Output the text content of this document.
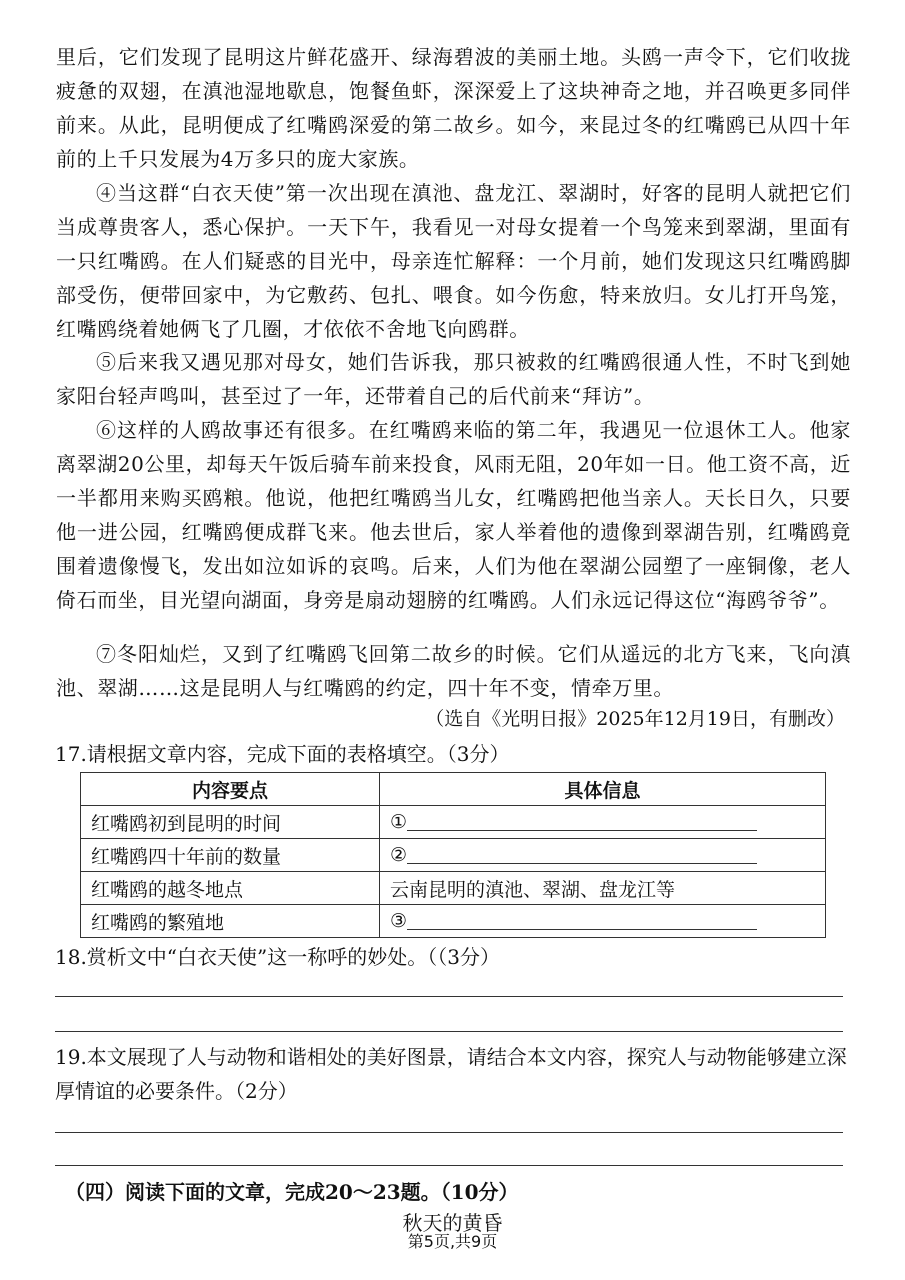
里后，它们发现了昆明这片鲜花盛开、绿海碧波的美丽土地。头鸥一声令下，它们收拢疲惫的双翅，在滇池湿地歇息，饱餐鱼虾，深深爱上了这块神奇之地，并召唤更多同伴前来。从此，昆明便成了红嘴鸥深爱的第二故乡。如今，来昆过冬的红嘴鸥已从四十年前的上千只发展为4万多只的庞大家族。
④当这群“白衣天使”第一次出现在滇池、盘龙江、翠湖时，好客的昆明人就把它们当成尊贵客人，悉心保护。一天下午，我看见一对母女提着一个鸟笼来到翠湖，里面有一只红嘴鸥。在人们疑惑的目光中，母亲连忙解释：一个月前，她们发现这只红嘴鸥脚部受伤，便带回家中，为它敷药、包扎、喂食。如今伤愈，特来放归。女儿打开鸟笼，红嘴鸥绕着她俩飞了几圈，才依依不舍地飞向鸥群。
⑤后来我又遇见那对母女，她们告诉我，那只被救的红嘴鸥很通人性，不时飞到她家阳台轻声鸣叫，甚至过了一年，还带着自己的后代前来“拜访”。
⑥这样的人鸥故事还有很多。在红嘴鸥来临的第二年，我遇见一位退休工人。他家离翠湖20公里，却每天午饭后骑车前来投食，风雨无阻，20年如一日。他工资不高，近一半都用来购买鸥粮。他说，他把红嘴鸥当儿女，红嘴鸥把他当亲人。天长日久，只要他一进公园，红嘴鸥便成群飞来。他去世后，家人举着他的遗像到翠湖告别，红嘴鸥竟围着遗像慢飞，发出如泣如诉的哀鸣。后来，人们为他在翠湖公园塑了一座铜像，老人倚石而坐，目光望向湖面，身旁是扇动翅膀的红嘴鸥。人们永远记得这位“海鸥爷爷”。
⑦冬阳灿烂，又到了红嘴鸥飞回第二故乡的时候。它们从遥远的北方飞来，飞向滇池、翠湖……这是昆明人与红嘴鸥的约定，四十年不变，情牵万里。
（选自《光明日报》2025年12月19日，有删改）
17.请根据文章内容，完成下面的表格填空。（3分）
内容要点	具体信息
红嘴鸥初到昆明的时间	①
红嘴鸥四十年前的数量	②
红嘴鸥的越冬地点	云南昆明的滇池、翠湖、盘龙江等
红嘴鸥的繁殖地	③
18.赏析文中“白衣天使”这一称呼的妙处。（（3分）
19.本文展现了人与动物和谐相处的美好图景，请结合本文内容，探究人与动物能够建立深厚情谊的必要条件。（2分）
（四）阅读下面的文章，完成20～23题。（10分）
秋天的黄昏
第5页,共9页
